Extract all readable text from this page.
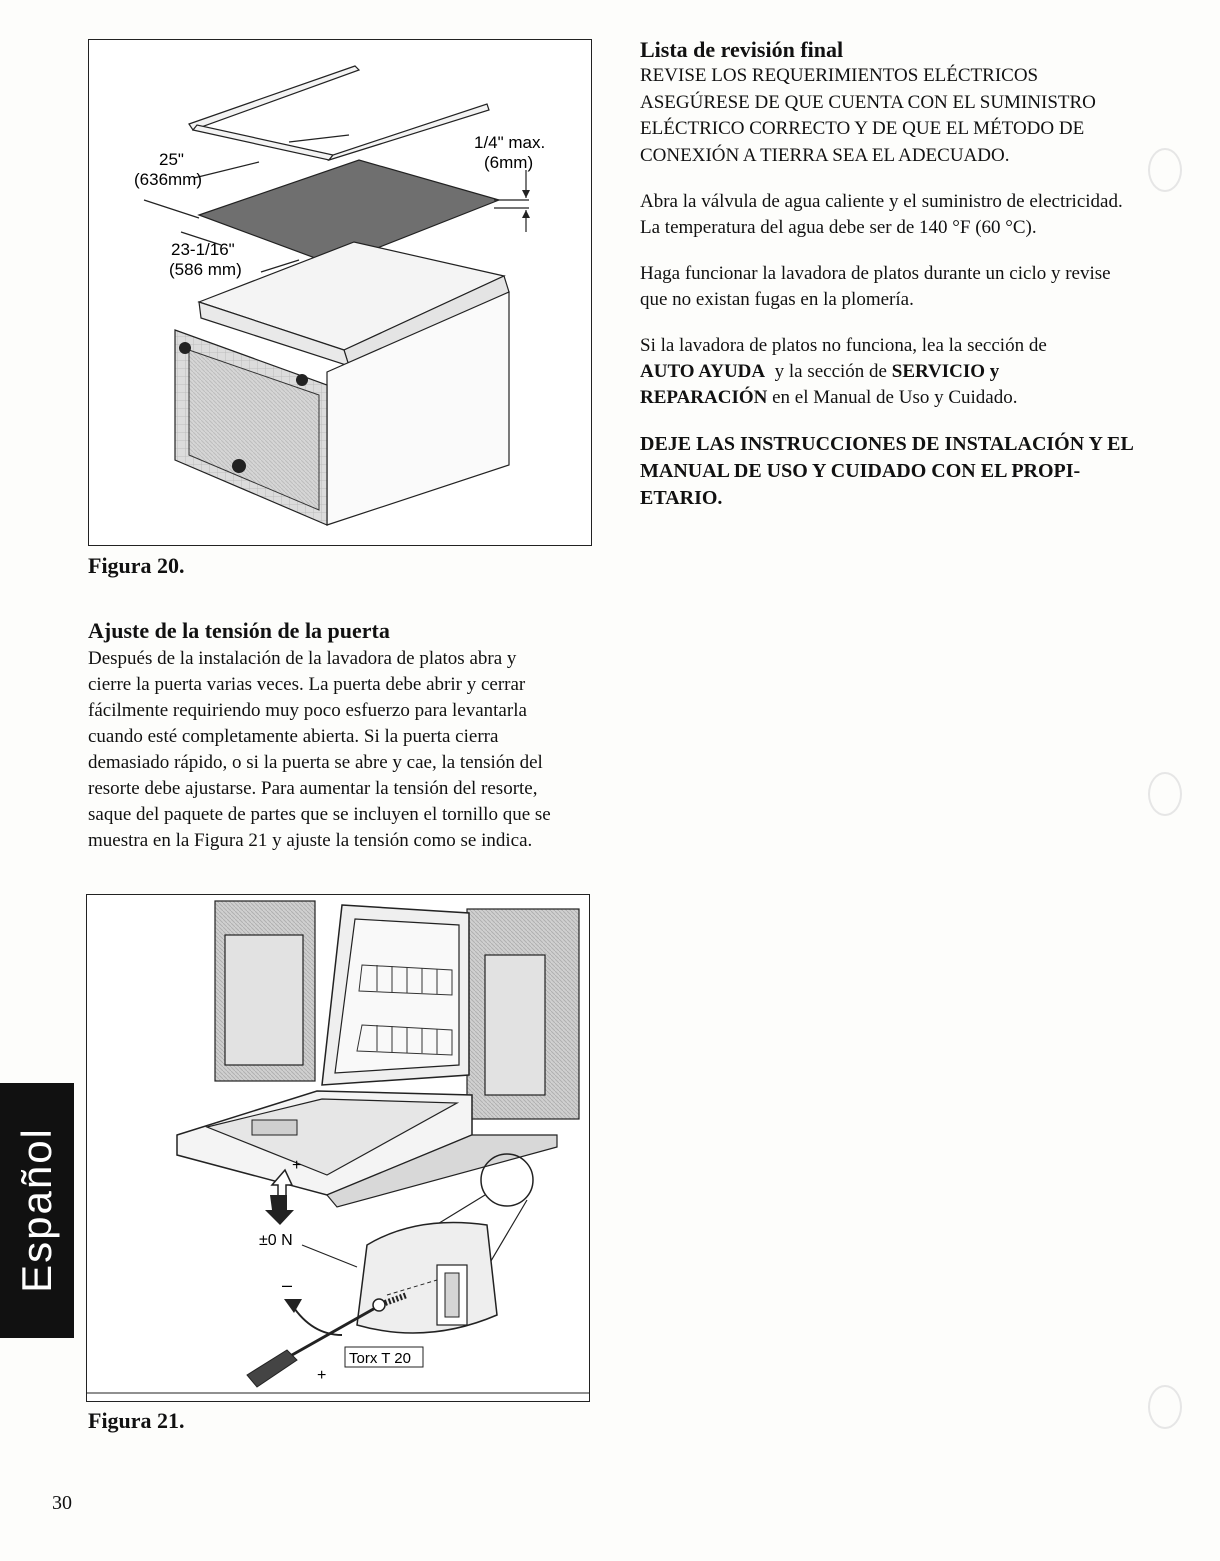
25"
(636mm)
23-1/16"
(586 mm)
1/4" max.
(6mm)
Figura 20.
Ajuste de la tensión de la puerta
Después de la instalación de la lavadora de platos abra y
cierre la puerta varias veces. La puerta debe abrir y cerrar
fácilmente requiriendo muy poco esfuerzo para levantarla
cuando esté completamente abierta. Si la puerta cierra
demasiado rápido, o si la puerta se abre y cae, la tensión del
resorte debe ajustarse. Para aumentar la tensión del resorte,
saque del paquete de partes que se incluyen el tornillo que se
muestra en la Figura 21 y ajuste la tensión como se indica.
+
±0 N
–
+
Torx T 20
Figura 21.
Lista de revisión final
REVISE LOS REQUERIMIENTOS ELÉCTRICOS
ASEGÚRESE DE QUE CUENTA CON EL SUMINISTRO
ELÉCTRICO CORRECTO Y DE QUE EL MÉTODO DE
CONEXIÓN A TIERRA SEA EL ADECUADO.
Abra la válvula de agua caliente y el suministro de electricidad.
La temperatura del agua debe ser de 140 °F (60 °C).
Haga funcionar la lavadora de platos durante un ciclo y revise
que no existan fugas en la plomería.
Si la lavadora de platos no funciona, lea la sección de
AUTO AYUDA  y la sección de SERVICIO y
REPARACIÓN en el Manual de Uso y Cuidado.
DEJE LAS INSTRUCCIONES DE INSTALACIÓN Y EL
MANUAL DE USO Y CUIDADO CON EL PROPI-
ETARIO.
Español
30
